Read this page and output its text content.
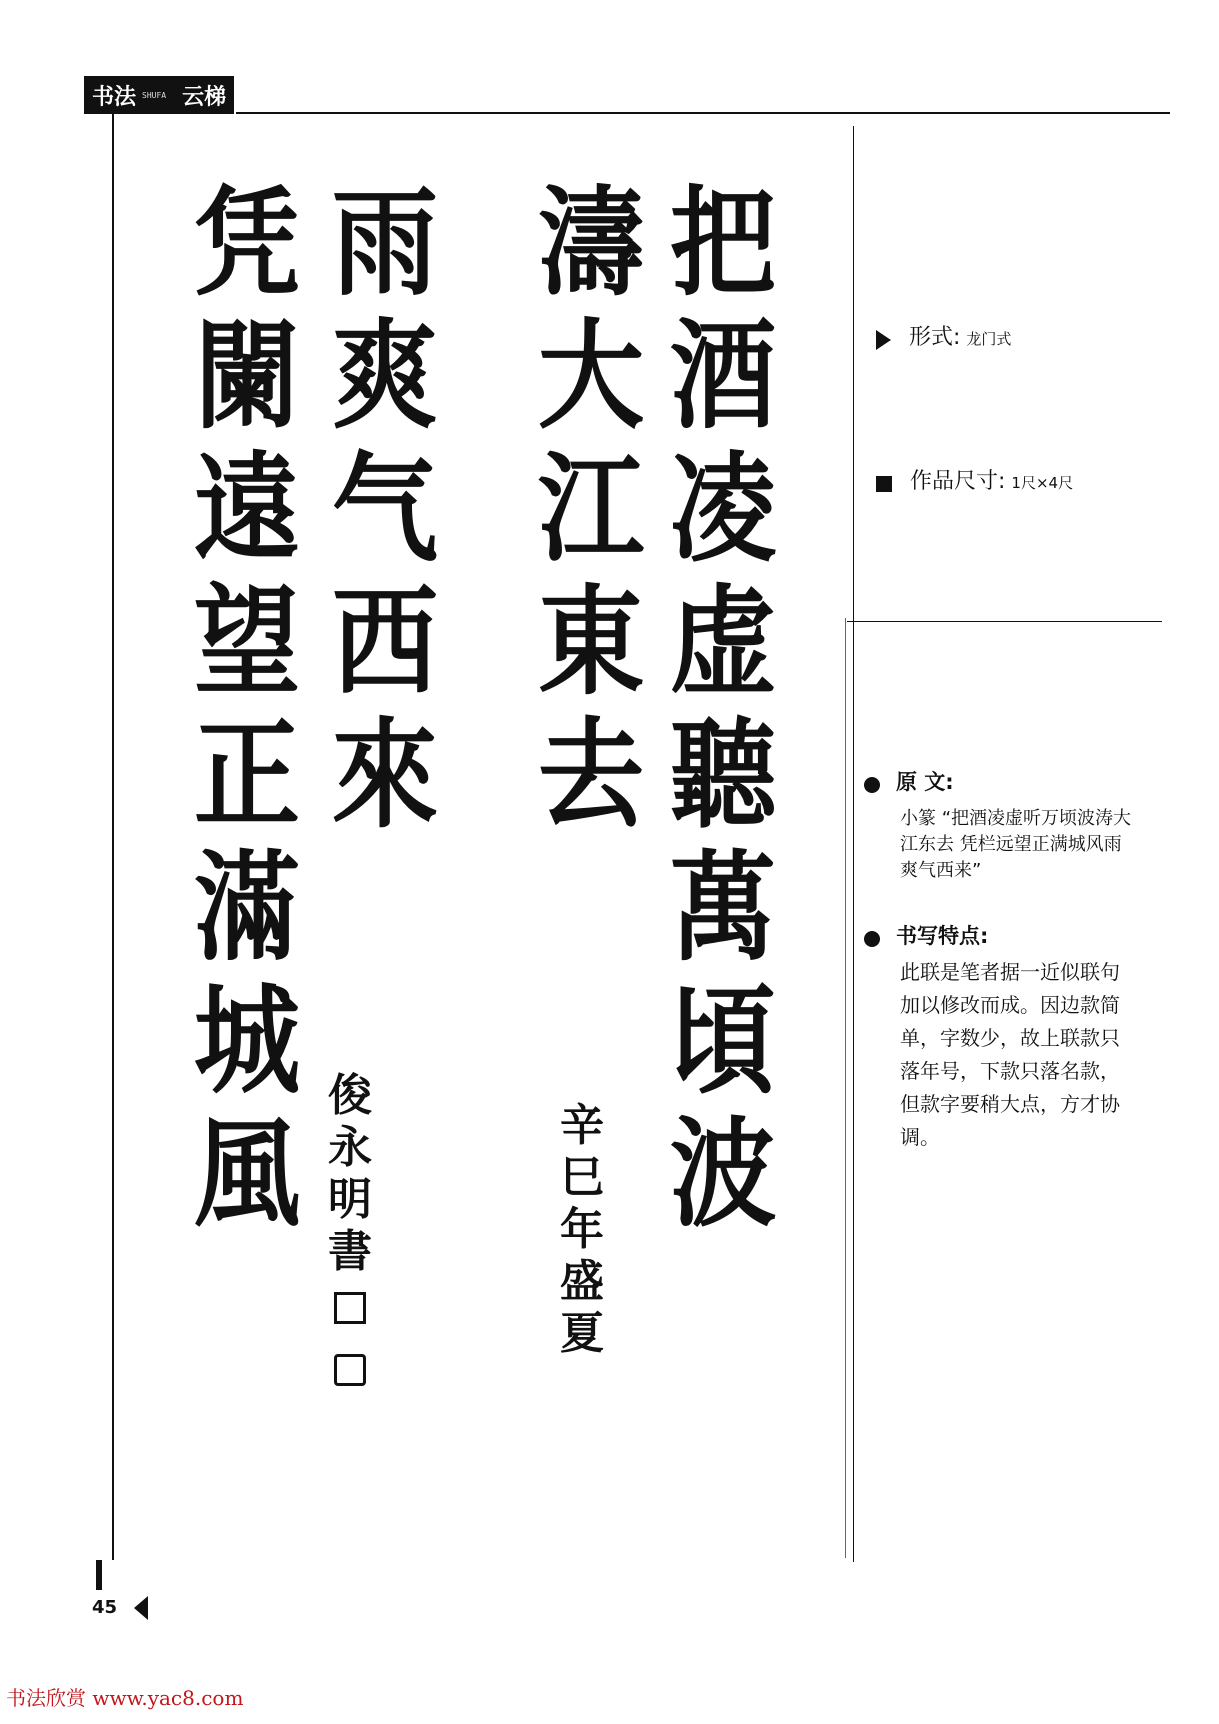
书法 SHUFA 云梯
把
酒
凌
虚
聽
萬
頃
波
濤
大
江
東
去
辛
巳
年
盛
夏
雨
爽
气
西
來
凭
闌
遠
望
正
滿
城
風
俊
永
明
書
形式: 龙门式
作品尺寸: 1尺×4尺
原 文:
小篆 “把酒凌虚听万顷波涛大江东去 凭栏远望正满城风雨爽气西来”
书写特点:
此联是笔者据一近似联句加以修改而成。因边款简单，字数少，故上联款只落年号，下款只落名款，但款字要稍大点，方才协调。
45
书法欣赏 www.yac8.com
